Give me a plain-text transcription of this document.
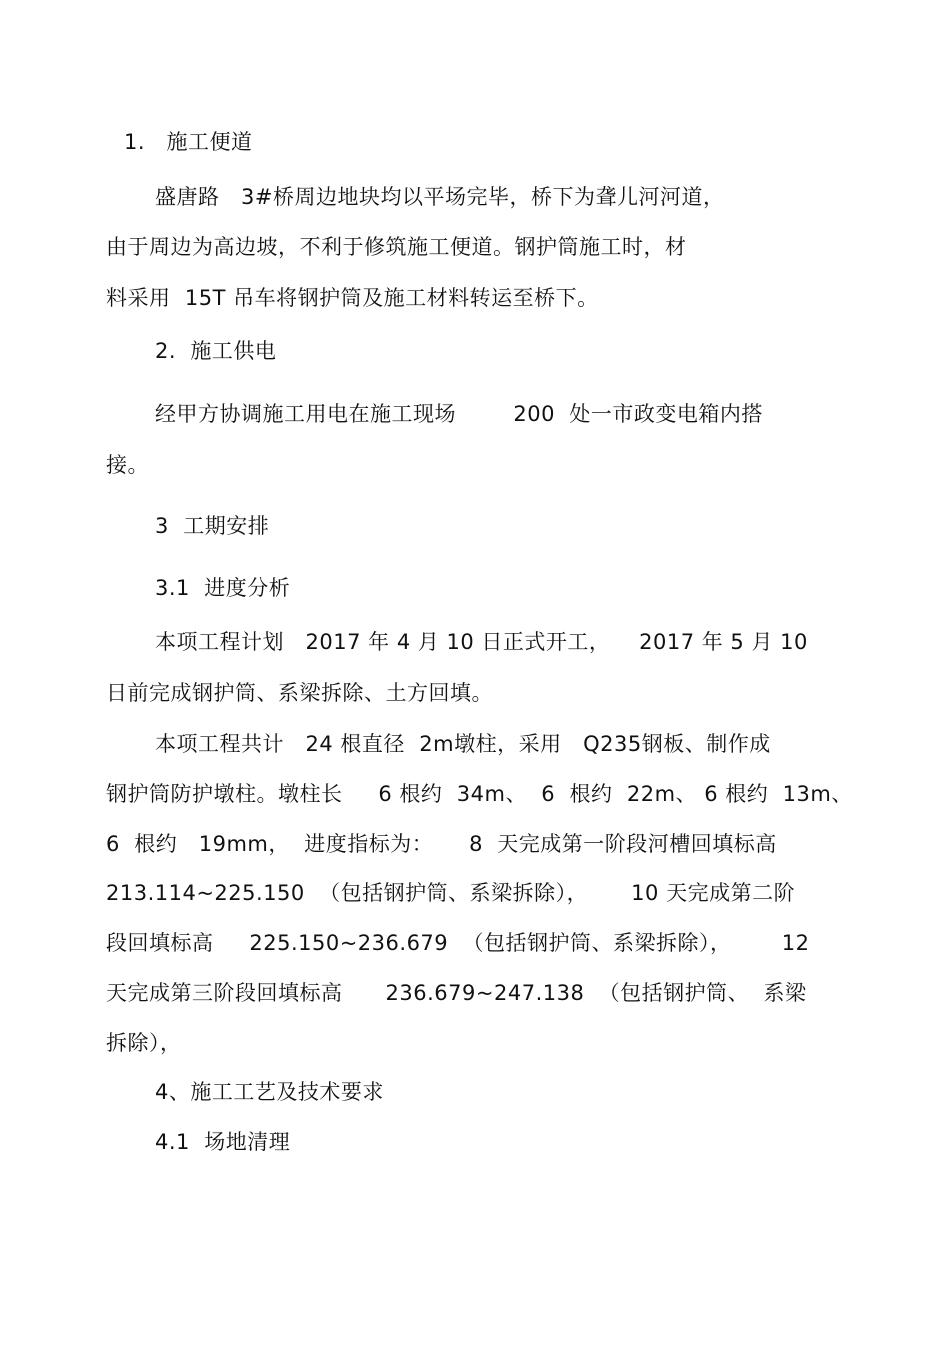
1.   施工便道
盛唐路   3#桥周边地块均以平场完毕，桥下为聋儿河河道，
由于周边为高边坡，不利于修筑施工便道。钢护筒施工时，材
料采用  15T 吊车将钢护筒及施工材料转运至桥下。
2.  施工供电
经甲方协调施工用电在施工现场        200  处一市政变电箱内搭
接。
3  工期安排
3.1  进度分析
本项工程计划   2017 年 4 月 10 日正式开工，    2017 年 5 月 10
日前完成钢护筒、系梁拆除、土方回填。
本项工程共计   24 根直径  2m墩柱，采用   Q235钢板、制作成
钢护筒防护墩柱。墩柱长     6 根约  34m、  6  根约  22m、 6 根约  13m、
6  根约   19mm，  进度指标为：     8  天完成第一阶段河槽回填标高
213.114~225.150  （包括钢护筒、系梁拆除），      10 天完成第二阶
段回填标高     225.150~236.679  （包括钢护筒、系梁拆除），       12
天完成第三阶段回填标高      236.679~247.138  （包括钢护筒、  系梁
拆除），
4、施工工艺及技术要求
4.1  场地清理
